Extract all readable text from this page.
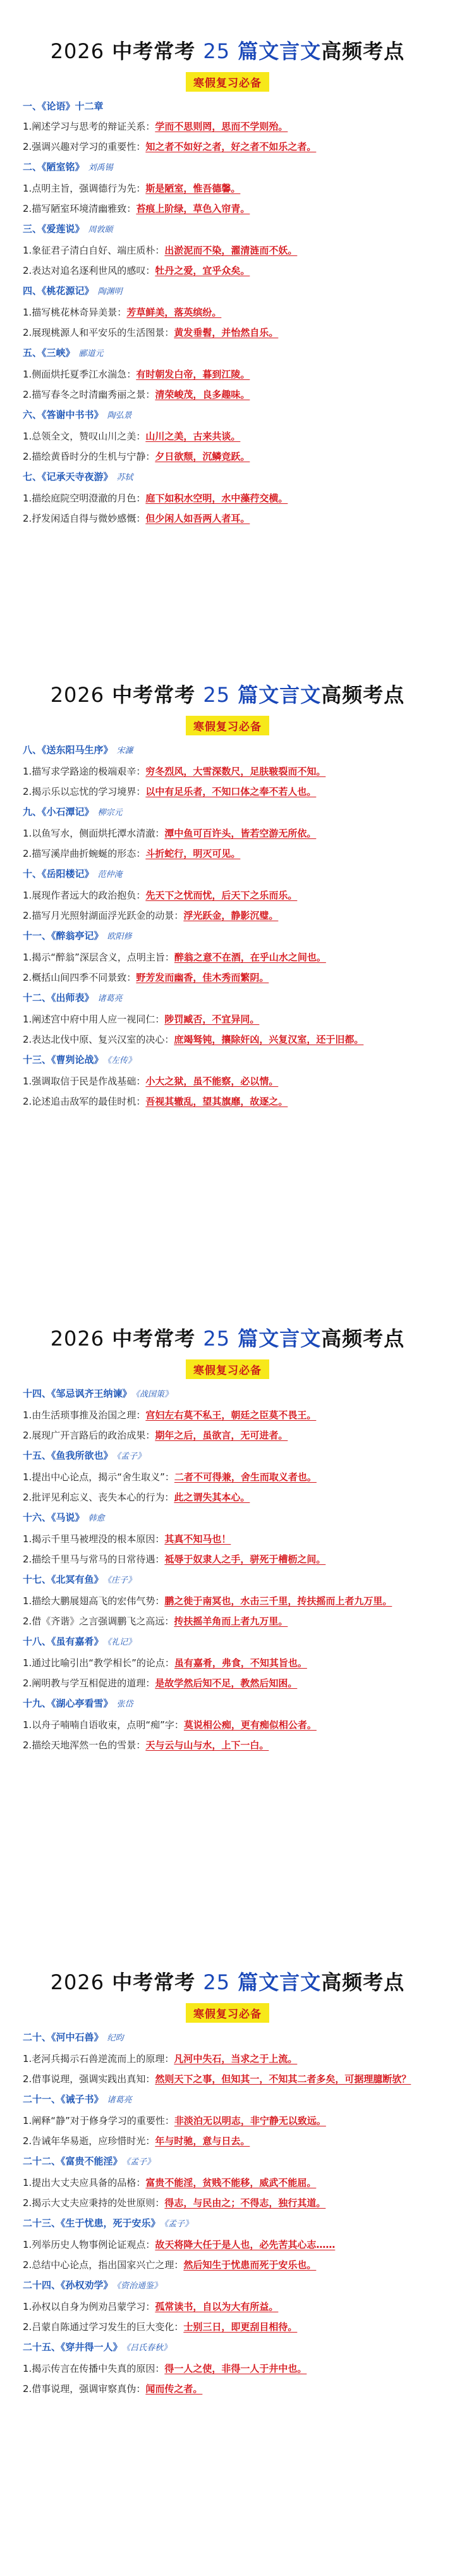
2026 中考常考 25 篇文言文高频考点
寒假复习必备
一、《论语》十二章
1.阐述学习与思考的辩证关系：学而不思则罔，思而不学则殆。
2.强调兴趣对学习的重要性：知之者不如好之者，好之者不如乐之者。
二、《陋室铭》 刘禹锡
1.点明主旨，强调德行为先：斯是陋室，惟吾德馨。
2.描写陋室环境清幽雅致：苔痕上阶绿，草色入帘青。
三、《爱莲说》 周敦颐
1.象征君子清白自好、端庄质朴：出淤泥而不染，濯清涟而不妖。
2.表达对追名逐利世风的感叹：牡丹之爱，宜乎众矣。
四、《桃花源记》 陶渊明
1.描写桃花林奇异美景：芳草鲜美，落英缤纷。
2.展现桃源人和平安乐的生活图景：黄发垂髫，并怡然自乐。
五、《三峡》 郦道元
1.侧面烘托夏季江水湍急：有时朝发白帝，暮到江陵。
2.描写春冬之时清幽秀丽之景：清荣峻茂，良多趣味。
六、《答谢中书书》 陶弘景
1.总领全文，赞叹山川之美：山川之美，古来共谈。
2.描绘黄昏时分的生机与宁静：夕日欲颓，沉鳞竞跃。
七、《记承天寺夜游》 苏轼
1.描绘庭院空明澄澈的月色：庭下如积水空明，水中藻荇交横。
2.抒发闲适自得与微妙感慨：但少闲人如吾两人者耳。
2026 中考常考 25 篇文言文高频考点
寒假复习必备
八、《送东阳马生序》 宋濂
1.描写求学路途的极端艰辛：穷冬烈风，大雪深数尺，足肤皲裂而不知。
2.揭示乐以忘忧的学习境界：以中有足乐者，不知口体之奉不若人也。
九、《小石潭记》 柳宗元
1.以鱼写水，侧面烘托潭水清澈：潭中鱼可百许头，皆若空游无所依。
2.描写溪岸曲折蜿蜒的形态：斗折蛇行，明灭可见。
十、《岳阳楼记》 范仲淹
1.展现作者远大的政治抱负：先天下之忧而忧，后天下之乐而乐。
2.描写月光照射湖面浮光跃金的动景：浮光跃金，静影沉璧。
十一、《醉翁亭记》 欧阳修
1.揭示“醉翁”深层含义，点明主旨：醉翁之意不在酒，在乎山水之间也。
2.概括山间四季不同景致：野芳发而幽香，佳木秀而繁阴。
十二、《出师表》 诸葛亮
1.阐述宫中府中用人应一视同仁：陟罚臧否，不宜异同。
2.表达北伐中原、复兴汉室的决心：庶竭驽钝，攘除奸凶，兴复汉室，还于旧都。
十三、《曹刿论战》 《左传》
1.强调取信于民是作战基础：小大之狱，虽不能察，必以情。
2.论述追击敌军的最佳时机：吾视其辙乱，望其旗靡，故逐之。
2026 中考常考 25 篇文言文高频考点
寒假复习必备
十四、《邹忌讽齐王纳谏》 《战国策》
1.由生活琐事推及治国之理：宫妇左右莫不私王，朝廷之臣莫不畏王。
2.展现广开言路后的政治成果：期年之后，虽欲言，无可进者。
十五、《鱼我所欲也》 《孟子》
1.提出中心论点，揭示“舍生取义”：二者不可得兼，舍生而取义者也。
2.批评见利忘义、丧失本心的行为：此之谓失其本心。
十六、《马说》 韩愈
1.揭示千里马被埋没的根本原因：其真不知马也！
2.描绘千里马与常马的日常待遇：祗辱于奴隶人之手，骈死于槽枥之间。
十七、《北冥有鱼》 《庄子》
1.描绘大鹏展翅高飞的宏伟气势：鹏之徙于南冥也，水击三千里，抟扶摇而上者九万里。
2.借《齐谐》之言强调鹏飞之高远：抟扶摇羊角而上者九万里。
十八、《虽有嘉肴》 《礼记》
1.通过比喻引出“教学相长”的论点：虽有嘉肴，弗食，不知其旨也。
2.阐明教与学互相促进的道理：是故学然后知不足，教然后知困。
十九、《湖心亭看雪》 张岱
1.以舟子喃喃自语收束，点明“痴”字：莫说相公痴，更有痴似相公者。
2.描绘天地浑然一色的雪景：天与云与山与水，上下一白。
2026 中考常考 25 篇文言文高频考点
寒假复习必备
二十、《河中石兽》 纪昀
1.老河兵揭示石兽逆流而上的原理：凡河中失石，当求之于上流。
2.借事说理，强调实践出真知：然则天下之事，但知其一，不知其二者多矣，可据理臆断欤？
二十一、《诫子书》 诸葛亮
1.阐释“静”对于修身学习的重要性：非淡泊无以明志，非宁静无以致远。
2.告诫年华易逝，应珍惜时光：年与时驰，意与日去。
二十二、《富贵不能淫》 《孟子》
1.提出大丈夫应具备的品格：富贵不能淫，贫贱不能移，威武不能屈。
2.揭示大丈夫应秉持的处世原则：得志，与民由之；不得志，独行其道。
二十三、《生于忧患，死于安乐》 《孟子》
1.列举历史人物事例论证观点：故天将降大任于是人也，必先苦其心志……
2.总结中心论点，指出国家兴亡之理：然后知生于忧患而死于安乐也。
二十四、《孙权劝学》 《资治通鉴》
1.孙权以自身为例劝吕蒙学习：孤常读书，自以为大有所益。
2.吕蒙自陈通过学习发生的巨大变化：士别三日，即更刮目相待。
二十五、《穿井得一人》 《吕氏春秋》
1.揭示传言在传播中失真的原因：得一人之使，非得一人于井中也。
2.借事说理，强调审察真伪：闻而传之者。
